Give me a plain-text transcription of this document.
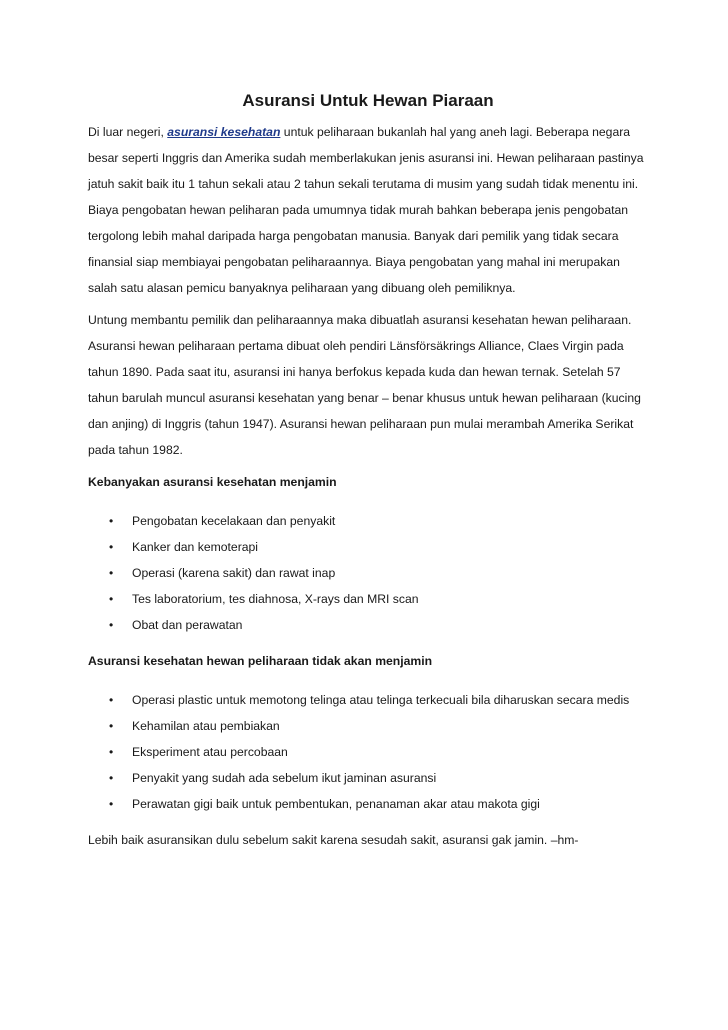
Asuransi Untuk Hewan Piaraan

Di luar negeri, asuransi kesehatan untuk peliharaan bukanlah hal yang aneh lagi. Beberapa negara besar seperti Inggris dan Amerika sudah memberlakukan jenis asuransi ini. Hewan peliharaan pastinya jatuh sakit baik itu 1 tahun sekali atau 2 tahun sekali terutama di musim yang sudah tidak menentu ini. Biaya pengobatan hewan peliharan pada umumnya tidak murah bahkan beberapa jenis pengobatan tergolong lebih mahal daripada harga pengobatan manusia. Banyak dari pemilik yang tidak secara finansial siap membiayai pengobatan peliharaannya. Biaya pengobatan yang mahal ini merupakan salah satu alasan pemicu banyaknya peliharaan yang dibuang oleh pemiliknya.

Untung membantu pemilik dan peliharaannya maka dibuatlah asuransi kesehatan hewan peliharaan. Asuransi hewan peliharaan pertama dibuat oleh pendiri Länsförsäkrings Alliance, Claes Virgin pada tahun 1890. Pada saat itu, asuransi ini hanya berfokus kepada kuda dan hewan ternak. Setelah 57 tahun barulah muncul asuransi kesehatan yang benar – benar khusus untuk hewan peliharaan (kucing dan anjing) di Inggris (tahun 1947). Asuransi hewan peliharaan pun mulai merambah Amerika Serikat pada tahun 1982.

Kebanyakan asuransi kesehatan menjamin
• Pengobatan kecelakaan dan penyakit
• Kanker dan kemoterapi
• Operasi (karena sakit) dan rawat inap
• Tes laboratorium, tes diahnosa, X-rays dan MRI scan
• Obat dan perawatan
Asuransi kesehatan hewan peliharaan tidak akan menjamin
• Operasi plastic untuk memotong telinga atau telinga terkecuali bila diharuskan secara medis
• Kehamilan atau pembiakan
• Eksperiment atau percobaan
• Penyakit yang sudah ada sebelum ikut jaminan asuransi
• Perawatan gigi baik untuk pembentukan, penanaman akar atau makota gigi

Lebih baik asuransikan dulu sebelum sakit karena sesudah sakit, asuransi gak jamin. –hm-
